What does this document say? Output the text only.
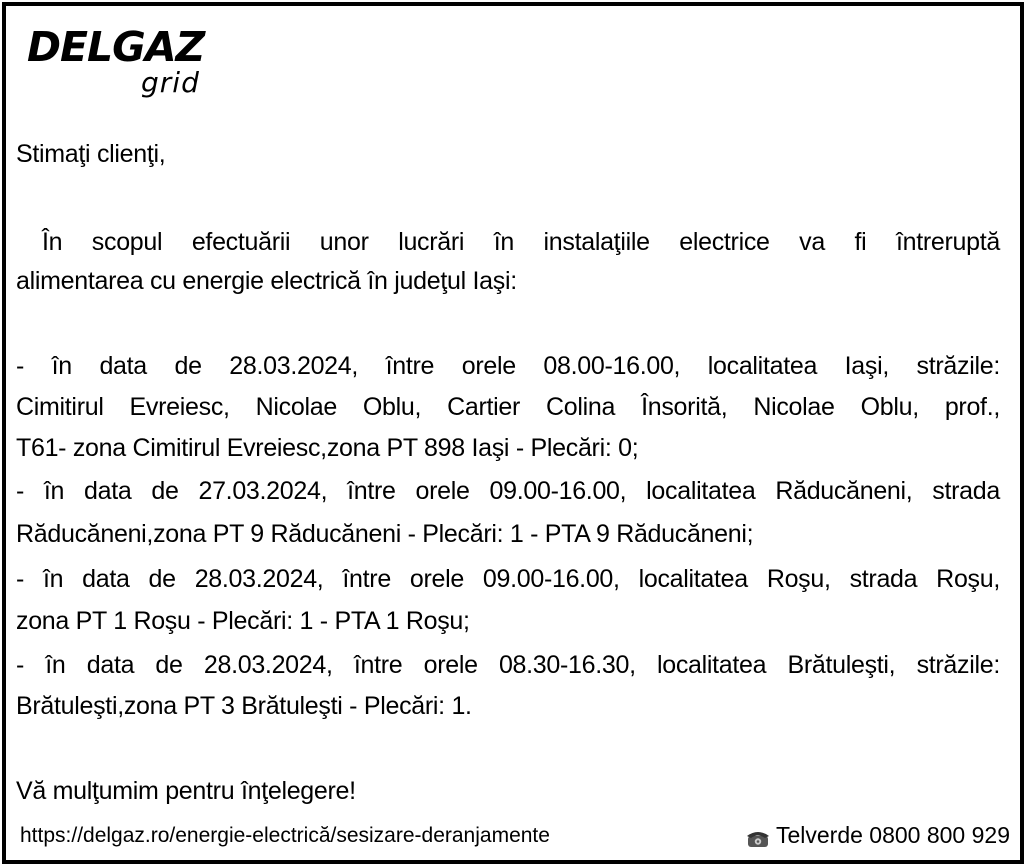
DELGAZ
grid
Stimaţi clienţi,
În scopul efectuării unor lucrări în instalaţiile electrice va fi întreruptă
alimentarea cu energie electrică în judeţul Iaşi:
- în data de 28.03.2024, între orele 08.00-16.00, localitatea Iaşi, străzile:
Cimitirul Evreiesc, Nicolae Oblu, Cartier Colina Însorită, Nicolae Oblu, prof.,
T61- zona Cimitirul Evreiesc,zona PT 898 Iaşi - Plecări: 0;
- în data de 27.03.2024, între orele 09.00-16.00, localitatea Răducăneni, strada
Răducăneni,zona PT 9 Răducăneni - Plecări: 1 - PTA 9 Răducăneni;
- în data de 28.03.2024, între orele 09.00-16.00, localitatea Roşu, strada Roşu,
zona PT 1 Roşu - Plecări: 1 - PTA 1 Roşu;
- în data de 28.03.2024, între orele 08.30-16.30, localitatea Brătuleşti, străzile:
Brătuleşti,zona PT 3 Brătuleşti - Plecări: 1.
Vă mulţumim pentru înţelegere!
https://delgaz.ro/energie-electrică/sesizare-deranjamente	Telverde 0800 800 929
